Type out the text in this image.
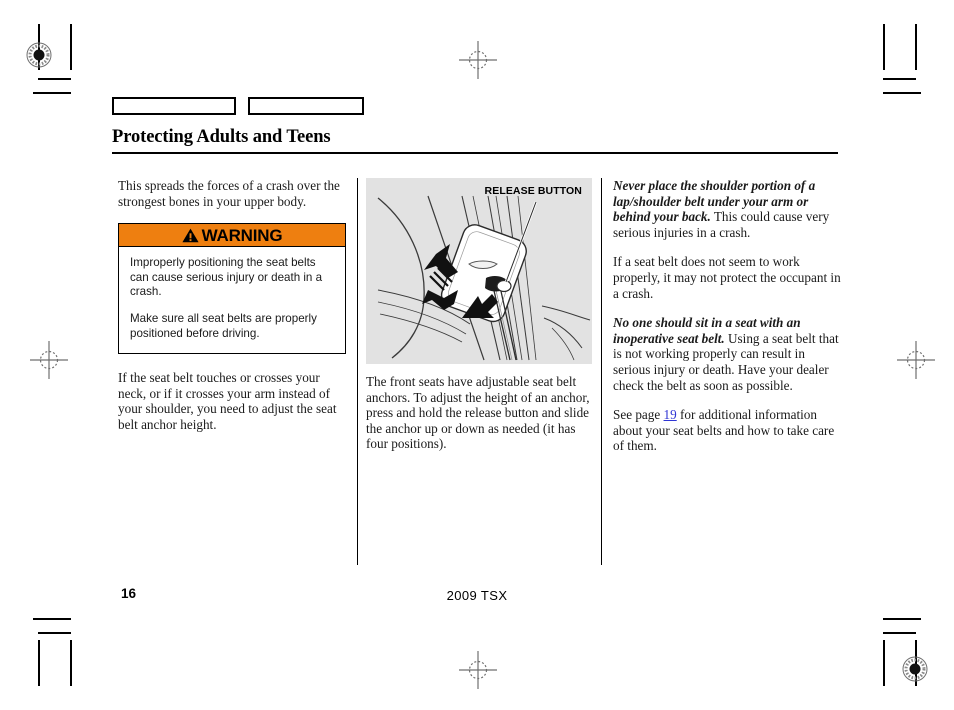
Protecting Adults and Teens

This spreads the forces of a crash over the strongest bones in your upper body.

WARNING

Improperly positioning the seat belts can cause serious injury or death in a crash.

Make sure all seat belts are properly positioned before driving.

If the seat belt touches or crosses your neck, or if it crosses your arm instead of your shoulder, you need to adjust the seat belt anchor height.

RELEASE BUTTON

The front seats have adjustable seat belt anchors. To adjust the height of an anchor, press and hold the release button and slide the anchor up or down as needed (it has four positions).

Never place the shoulder portion of a lap/shoulder belt under your arm or behind your back. This could cause very serious injuries in a crash.

If a seat belt does not seem to work properly, it may not protect the occupant in a crash.

No one should sit in a seat with an inoperative seat belt. Using a seat belt that is not working properly can result in serious injury or death. Have your dealer check the belt as soon as possible.

See page 19 for additional information about your seat belts and how to take care of them.

16	2009 TSX
